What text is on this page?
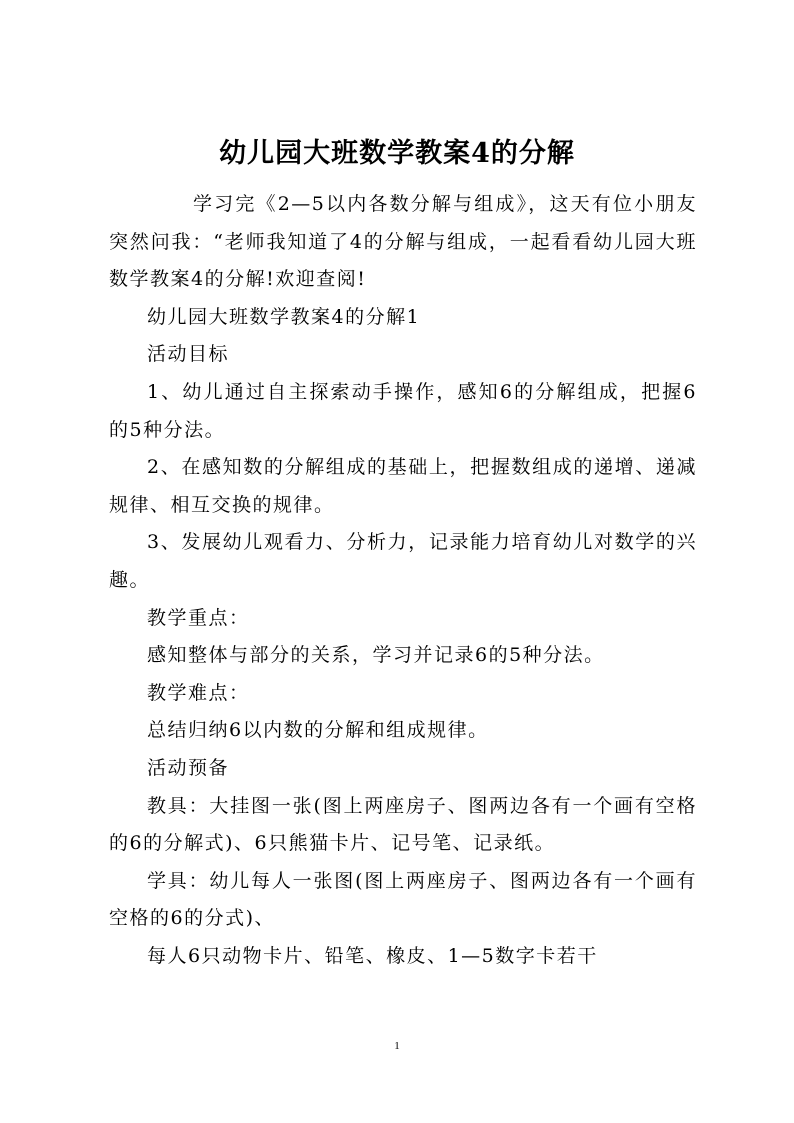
幼儿园大班数学教案4的分解

学习完《2—5以内各数分解与组成》，这天有位小朋友突然问我：“老师我知道了4的分解与组成，一起看看幼儿园大班数学教案4的分解!欢迎查阅!

幼儿园大班数学教案4的分解1

活动目标

1、幼儿通过自主探索动手操作，感知6的分解组成，把握6的5种分法。

2、在感知数的分解组成的基础上，把握数组成的递增、递减规律、相互交换的规律。

3、发展幼儿观看力、分析力，记录能力培育幼儿对数学的兴趣。

教学重点：

感知整体与部分的关系，学习并记录6的5种分法。

教学难点：

总结归纳6以内数的分解和组成规律。

活动预备

教具：大挂图一张(图上两座房子、图两边各有一个画有空格的6的分解式)、6只熊猫卡片、记号笔、记录纸。

学具：幼儿每人一张图(图上两座房子、图两边各有一个画有空格的6的分式)、

每人6只动物卡片、铅笔、橡皮、1—5数字卡若干

1
